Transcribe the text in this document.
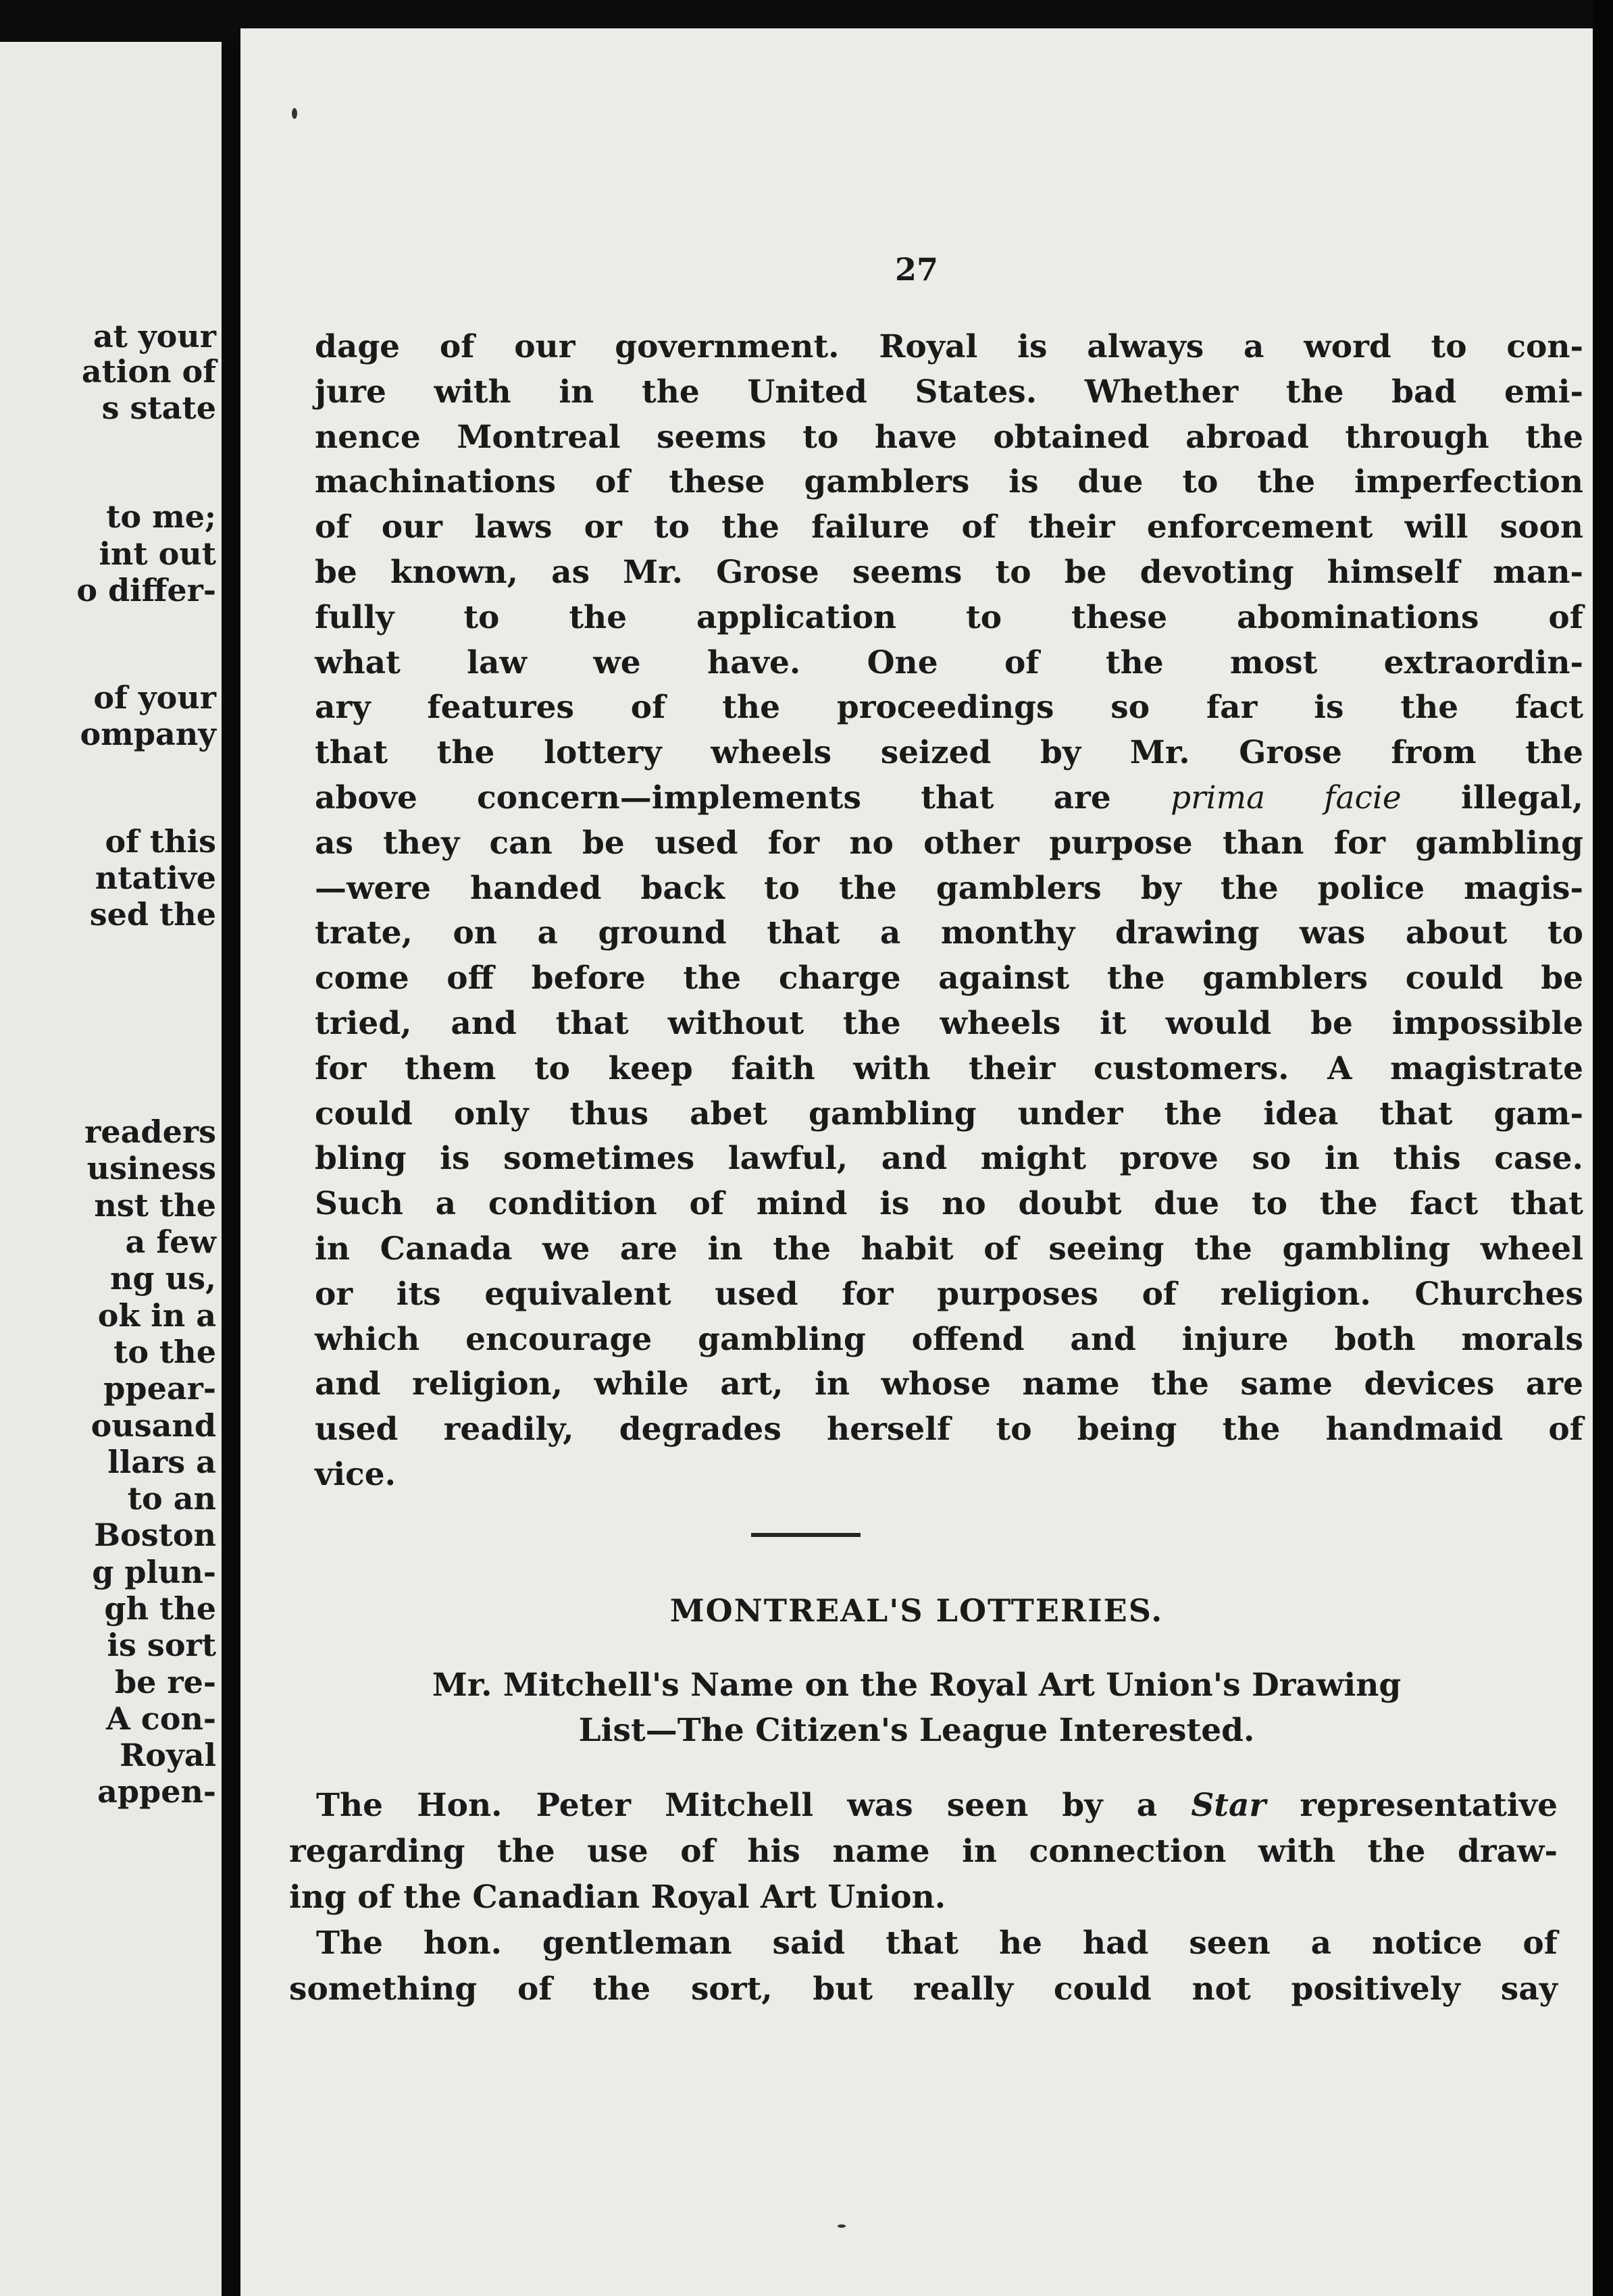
at your
ation of
s state
to me;
int out
o differ-
of your
ompany
of this
ntative
sed the
readers
usiness
nst the
a few
ng us,
ok in a
to the
ppear-
ousand
llars a
to an
Boston
g plun-
gh the
is sort
be re-
A con-
Royal
appen-
27
dage of our government. Royal is always a word to con-
jure with in the United States. Whether the bad emi-
nence Montreal seems to have obtained abroad through the
machinations of these gamblers is due to the imperfection
of our laws or to the failure of their enforcement will soon
be known, as Mr. Grose seems to be devoting himself man-
fully to the application to these abominations of
what law we have. One of the most extraordin-
ary features of the proceedings so far is the fact
that the lottery wheels seized by Mr. Grose from the
above concern—implements that are prima facie illegal,
as they can be used for no other purpose than for gambling
—were handed back to the gamblers by the police magis-
trate, on a ground that a monthy drawing was about to
come off before the charge against the gamblers could be
tried, and that without the wheels it would be impossible
for them to keep faith with their customers. A magistrate
could only thus abet gambling under the idea that gam-
bling is sometimes lawful, and might prove so in this case.
Such a condition of mind is no doubt due to the fact that
in Canada we are in the habit of seeing the gambling wheel
or its equivalent used for purposes of religion. Churches
which encourage gambling offend and injure both morals
and religion, while art, in whose name the same devices are
used readily, degrades herself to being the handmaid of
vice.
MONTREAL'S LOTTERIES.
Mr. Mitchell's Name on the Royal Art Union's Drawing
List—The Citizen's League Interested.
The Hon. Peter Mitchell was seen by a Star representative
regarding the use of his name in connection with the draw-
ing of the Canadian Royal Art Union.
The hon. gentleman said that he had seen a notice of
something of the sort, but really could not positively say
